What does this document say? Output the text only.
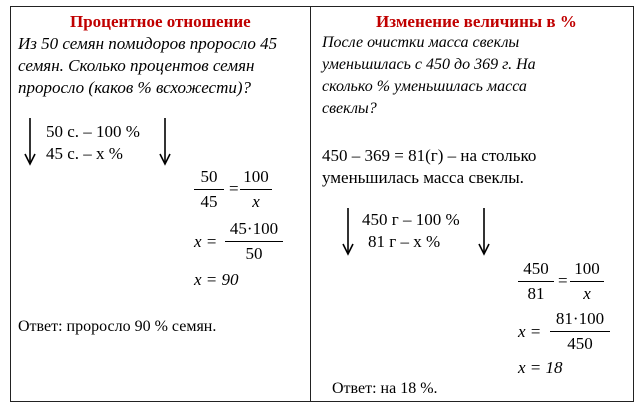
Процентное отношение
Из 50 семян помидоров проросло 45
семян. Сколько процентов семян
проросло (каков % всхожести)?
50 с. – 100 %
45 с. – x %
50
45
=
100
x
x =
45·100
50
x = 90
Ответ: проросло 90 % семян.
Изменение величины в %
После очистки масса свеклы
уменьшилась с 450 до 369 г. На
сколько % уменьшилась масса
свеклы?
450 – 369 = 81(г) – на столько
уменьшилась масса свеклы.
450 г – 100 %
81 г – x %
450
81
=
100
x
x =
81·100
450
x = 18
Ответ: на 18 %.
